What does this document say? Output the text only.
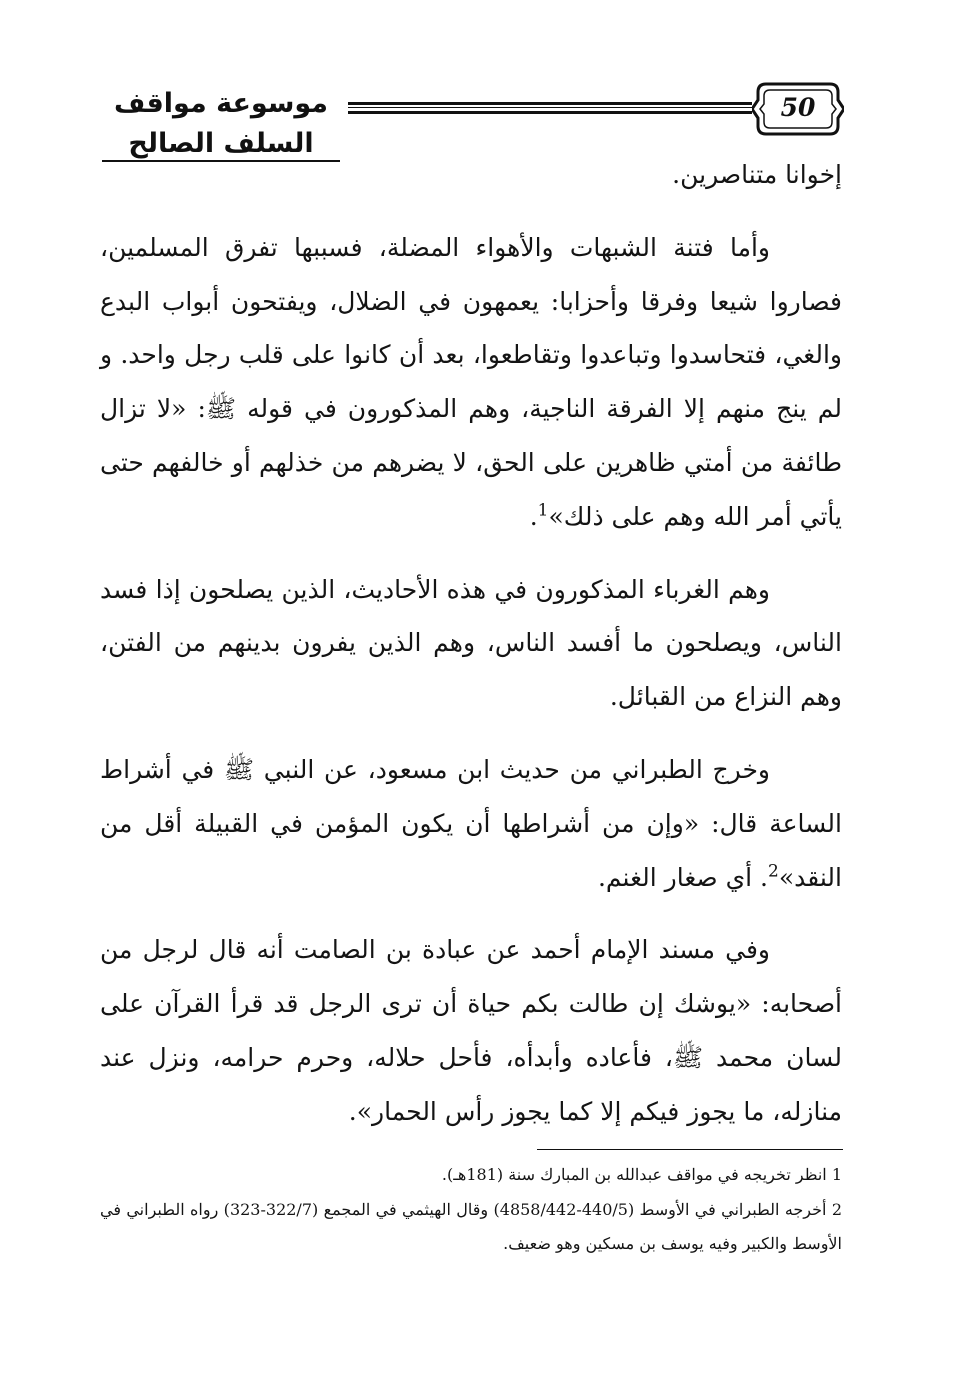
موسوعة مواقف السلف الصالح
50

إخوانا متناصرين.

وأما فتنة الشبهات والأهواء المضلة، فسببها تفرق المسلمين، فصاروا شيعا وفرقا وأحزابا: يعمهون في الضلال، ويفتحون أبواب البدع والغي، فتحاسدوا وتباعدوا وتقاطعوا، بعد أن كانوا على قلب رجل واحد. و لم ينج منهم إلا الفرقة الناجية، وهم المذكورون في قوله ﷺ: «لا تزال طائفة من أمتي ظاهرين على الحق، لا يضرهم من خذلهم أو خالفهم حتى يأتي أمر الله وهم على ذلك»$^1$.

وهم الغرباء المذكورون في هذه الأحاديث، الذين يصلحون إذا فسد الناس، ويصلحون ما أفسد الناس، وهم الذين يفرون بدينهم من الفتن، وهم النزاع من القبائل.

وخرج الطبراني من حديث ابن مسعود، عن النبي ﷺ في أشراط الساعة قال: «وإن من أشراطها أن يكون المؤمن في القبيلة أقل من النقد»$^2$. أي صغار الغنم.

وفي مسند الإمام أحمد عن عبادة بن الصامت أنه قال لرجل من أصحابه: «يوشك إن طالت بكم حياة أن ترى الرجل قد قرأ القرآن على لسان محمد ﷺ، فأعاده وأبدأه، فأحل حلاله، وحرم حرامه، ونزل عند منازله، ما يجوز فيكم إلا كما يجوز رأس الحمار».

1 انظر تخريجه في مواقف عبدالله بن المبارك سنة (181هـ).

2 أخرجه الطبراني في الأوسط (440/5-4858/442) وقال الهيثمي في المجمع (322/7-323) رواه الطبراني في الأوسط والكبير وفيه يوسف بن مسكين وهو ضعيف.
